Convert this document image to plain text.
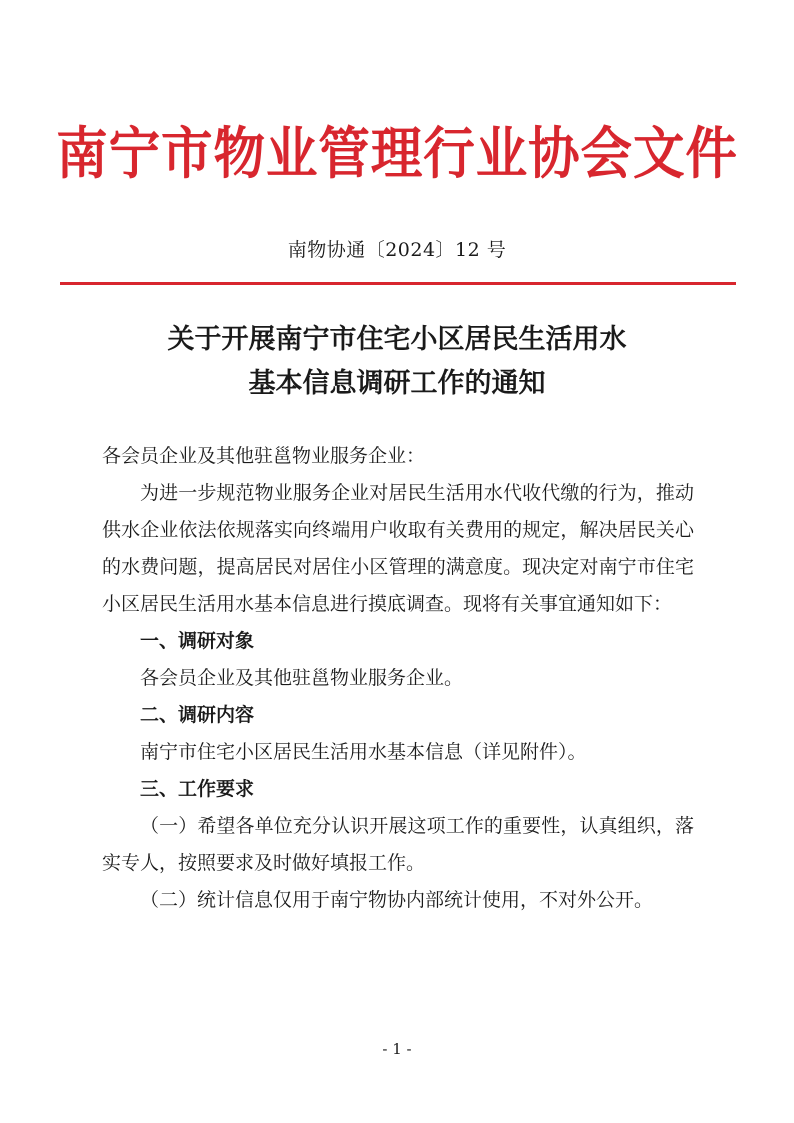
南宁市物业管理行业协会文件
南物协通〔2024〕12 号
关于开展南宁市住宅小区居民生活用水
基本信息调研工作的通知

各会员企业及其他驻邕物业服务企业：

为进一步规范物业服务企业对居民生活用水代收代缴的行为，推动供水企业依法依规落实向终端用户收取有关费用的规定，解决居民关心的水费问题，提高居民对居住小区管理的满意度。现决定对南宁市住宅小区居民生活用水基本信息进行摸底调查。现将有关事宜通知如下：

一、调研对象

各会员企业及其他驻邕物业服务企业。

二、调研内容

南宁市住宅小区居民生活用水基本信息（详见附件）。

三、工作要求

（一）希望各单位充分认识开展这项工作的重要性，认真组织，落实专人，按照要求及时做好填报工作。

（二）统计信息仅用于南宁物协内部统计使用，不对外公开。

- 1 -
